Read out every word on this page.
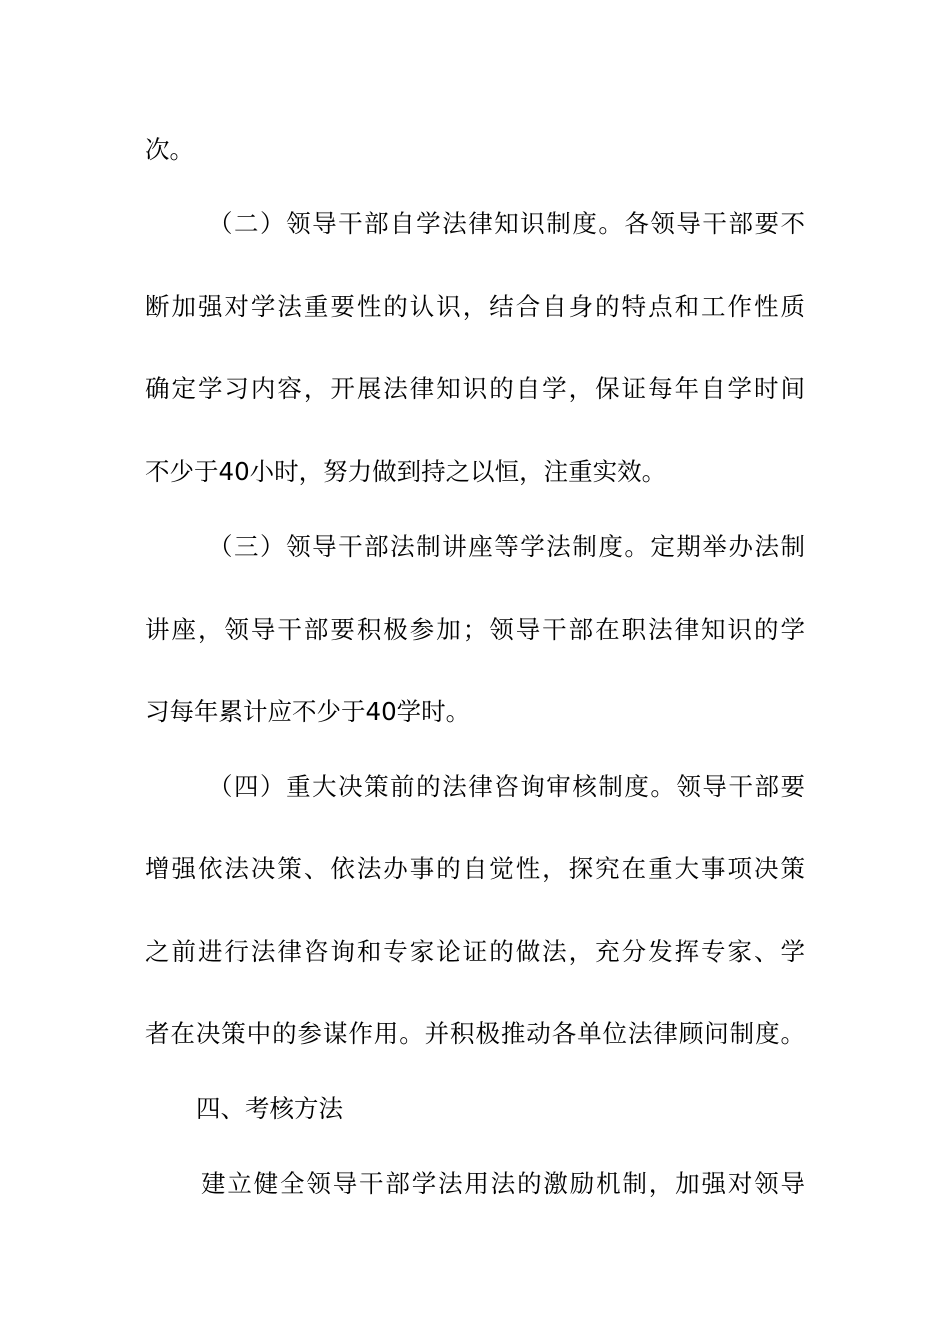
次。
（二）领导干部自学法律知识制度。各领导干部要不
断加强对学法重要性的认识，结合自身的特点和工作性质
确定学习内容，开展法律知识的自学，保证每年自学时间
不少于40小时，努力做到持之以恒，注重实效。
（三）领导干部法制讲座等学法制度。定期举办法制
讲座，领导干部要积极参加；领导干部在职法律知识的学
习每年累计应不少于40学时。
（四）重大决策前的法律咨询审核制度。领导干部要
增强依法决策、依法办事的自觉性，探究在重大事项决策
之前进行法律咨询和专家论证的做法，充分发挥专家、学
者在决策中的参谋作用。并积极推动各单位法律顾问制度。
四、考核方法
建立健全领导干部学法用法的激励机制，加强对领导
